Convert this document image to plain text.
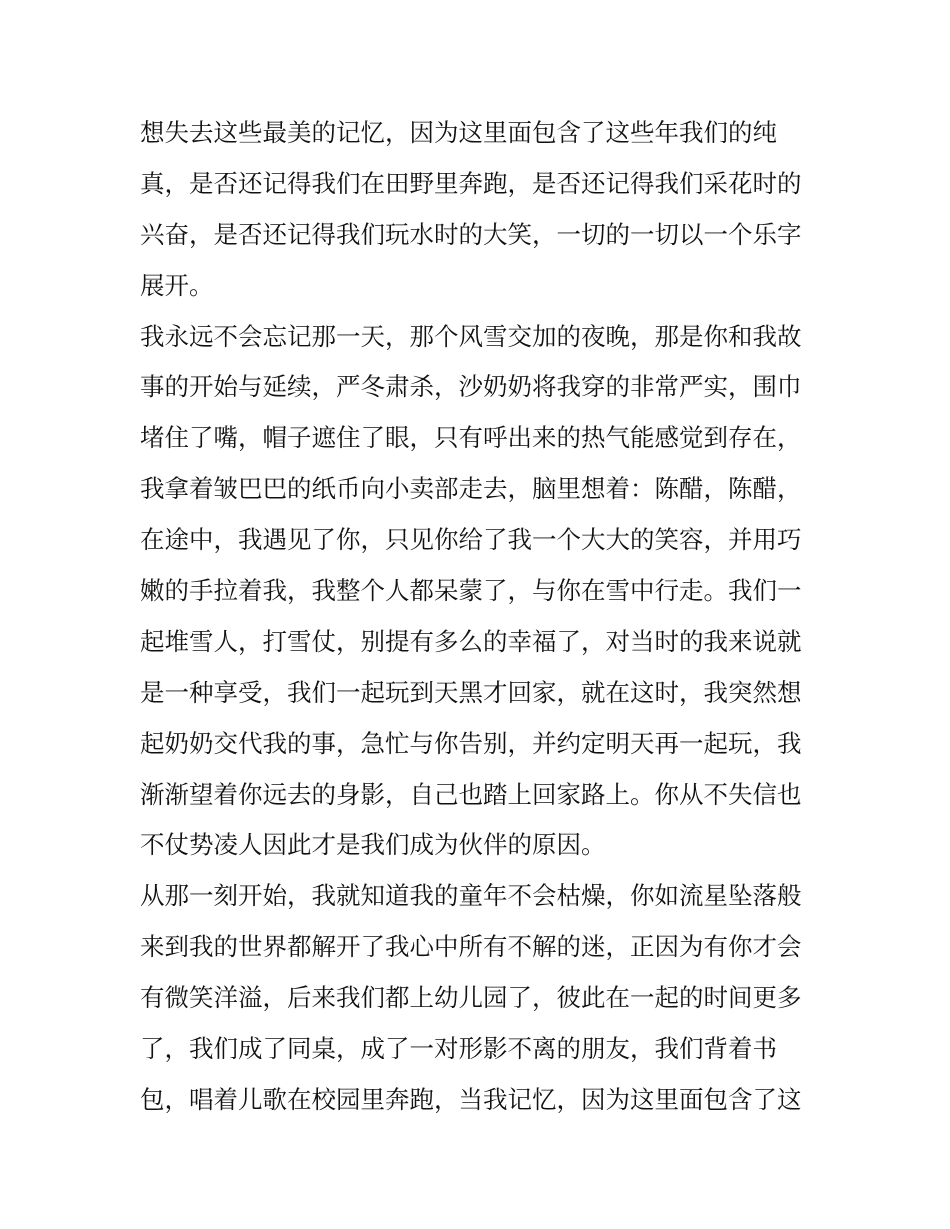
想失去这些最美的记忆，因为这里面包含了这些年我们的纯
真，是否还记得我们在田野里奔跑，是否还记得我们采花时的
兴奋，是否还记得我们玩水时的大笑，一切的一切以一个乐字
展开。
我永远不会忘记那一天，那个风雪交加的夜晚，那是你和我故
事的开始与延续，严冬肃杀，沙奶奶将我穿的非常严实，围巾
堵住了嘴，帽子遮住了眼，只有呼出来的热气能感觉到存在，
我拿着皱巴巴的纸币向小卖部走去，脑里想着：陈醋，陈醋，
在途中，我遇见了你，只见你给了我一个大大的笑容，并用巧
嫩的手拉着我，我整个人都呆蒙了，与你在雪中行走。我们一
起堆雪人，打雪仗，别提有多么的幸福了，对当时的我来说就
是一种享受，我们一起玩到天黑才回家，就在这时，我突然想
起奶奶交代我的事，急忙与你告别，并约定明天再一起玩，我
渐渐望着你远去的身影，自己也踏上回家路上。你从不失信也
不仗势凌人因此才是我们成为伙伴的原因。
从那一刻开始，我就知道我的童年不会枯燥，你如流星坠落般
来到我的世界都解开了我心中所有不解的迷，正因为有你才会
有微笑洋溢，后来我们都上幼儿园了，彼此在一起的时间更多
了，我们成了同桌，成了一对形影不离的朋友，我们背着书
包，唱着儿歌在校园里奔跑，当我记忆，因为这里面包含了这
